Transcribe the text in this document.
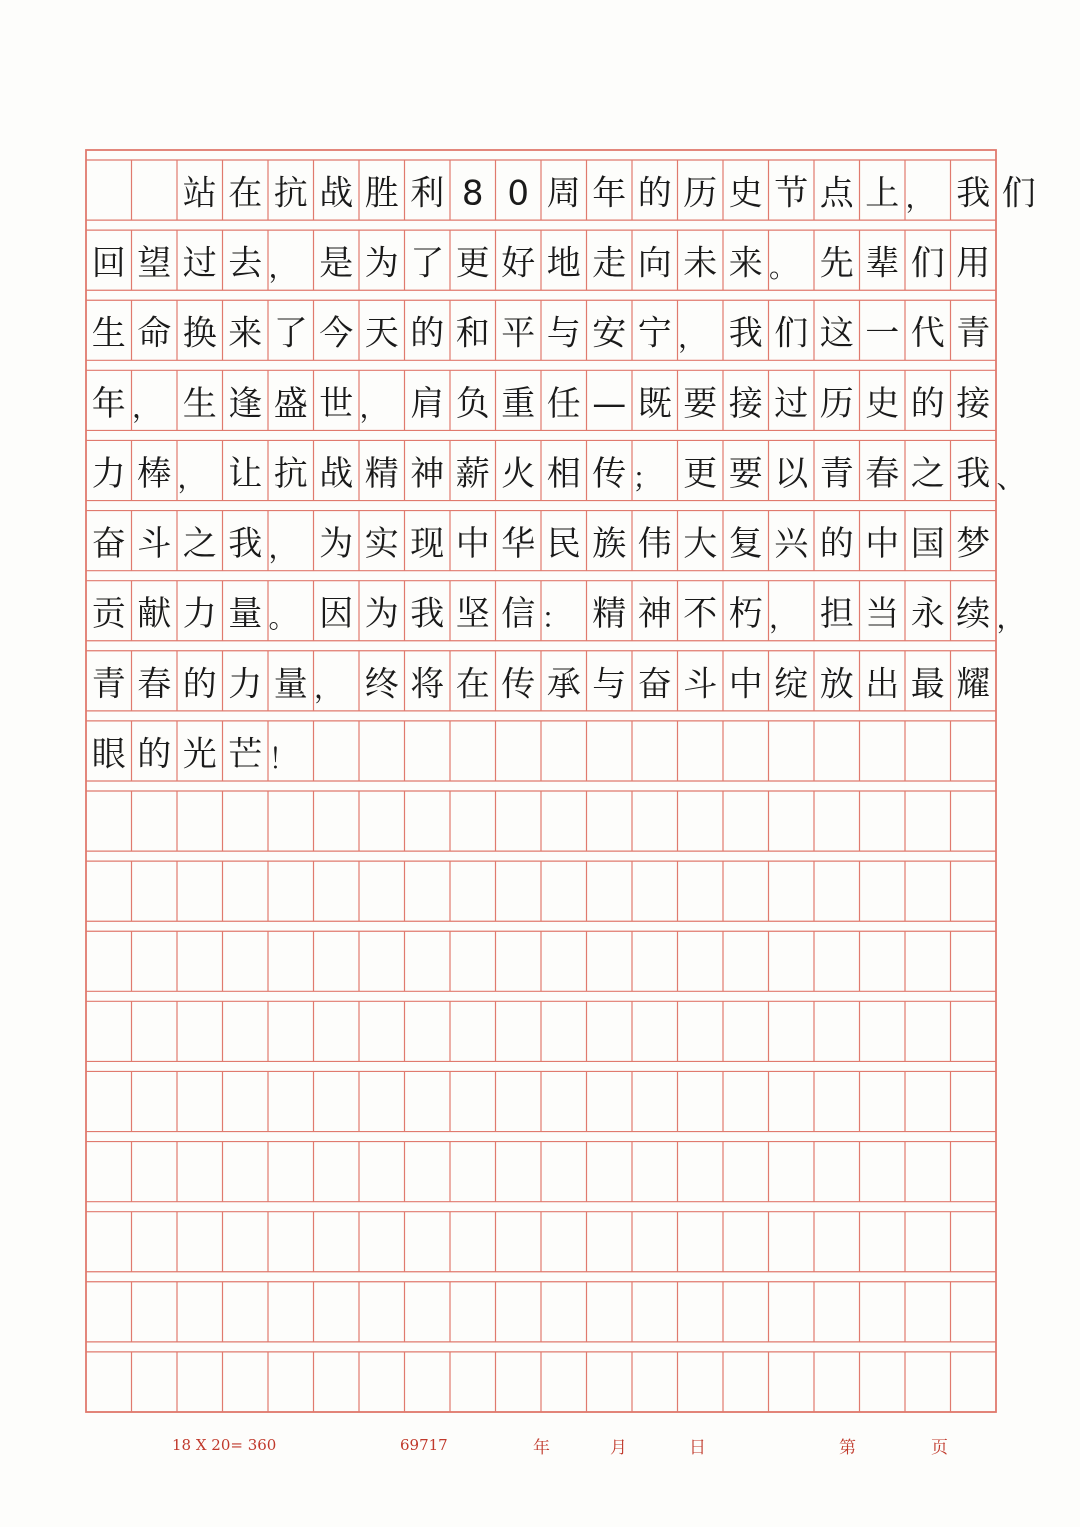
站 在 抗 战 胜 利 8 0 周 年 的 历 史 节 点 上 ， 我 们
回 望 过 去 ， 是 为 了 更 好 地 走 向 未 来 。 先 辈 们 用
生 命 换 来 了 今 天 的 和 平 与 安 宁 ， 我 们 这 一 代 青
年 ， 生 逢 盛 世 ， 肩 负 重 任 — 既 要 接 过 历 史 的 接
力 棒 ， 让 抗 战 精 神 薪 火 相 传 ； 更 要 以 青 春 之 我 、
奋 斗 之 我 ， 为 实 现 中 华 民 族 伟 大 复 兴 的 中 国 梦
贡 献 力 量 。 因 为 我 坚 信 ： 精 神 不 朽 ， 担 当 永 续 ，
青 春 的 力 量 ， 终 将 在 传 承 与 奋 斗 中 绽 放 出 最 耀
眼 的 光 芒 ！
18 X 20= 360	69717	年	月	日	第	页
